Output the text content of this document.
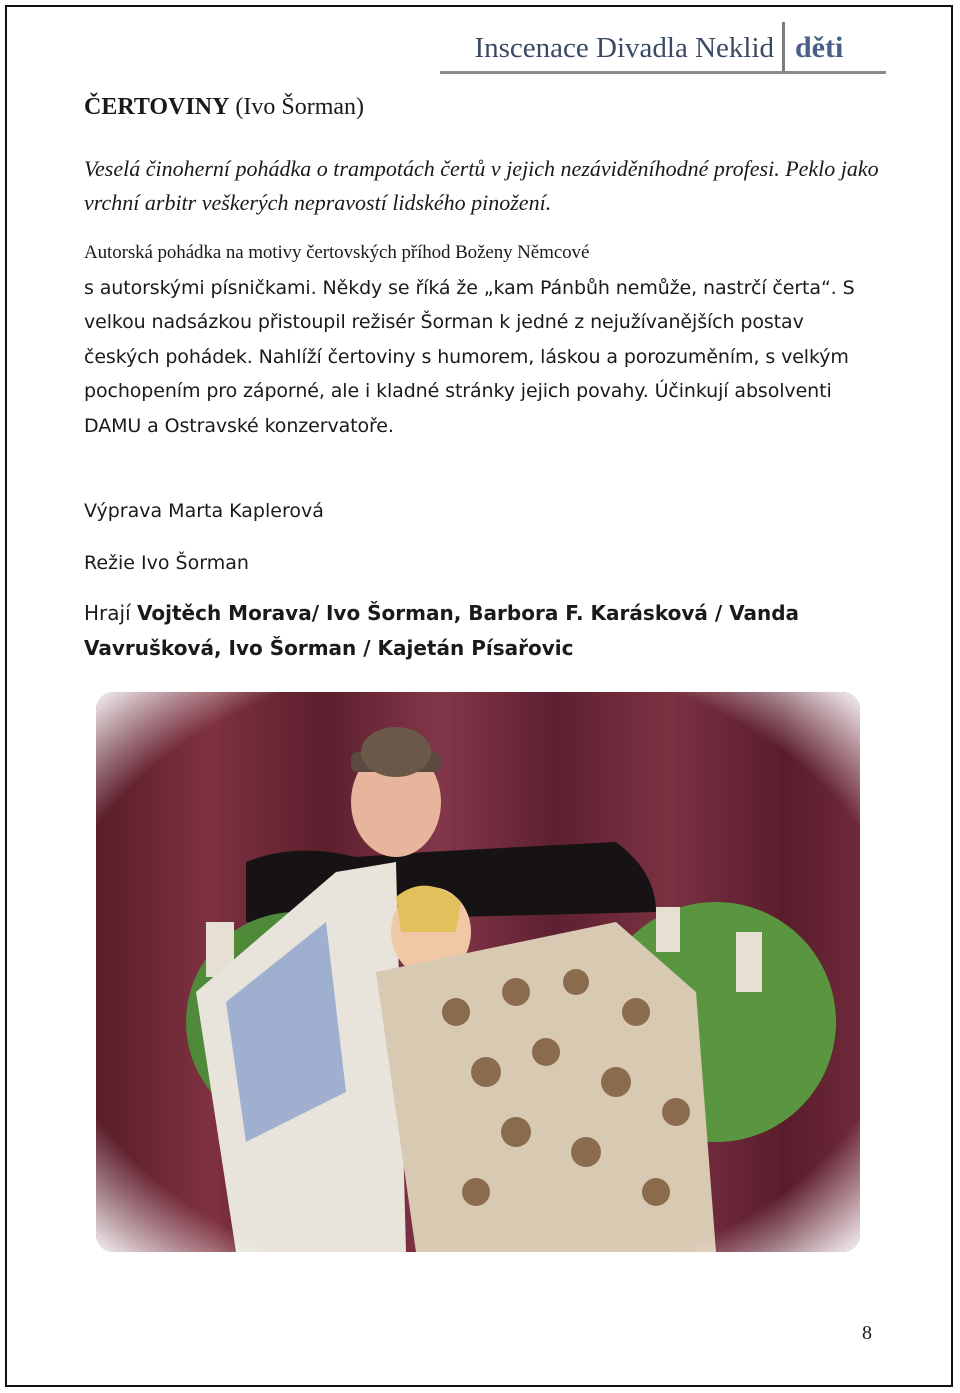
Inscenace Divadla Neklid děti

ČERTOVINY (Ivo Šorman)

Veselá činoherní pohádka o trampotách čertů v jejich nezáviděníhodné profesi. Peklo jako vrchní arbitr veškerých nepravostí lidského pinožení.

Autorská pohádka na motivy čertovských příhod Boženy Němcové

s autorskými písničkami. Někdy se říká že „kam Pánbůh nemůže, nastrčí čerta“. S velkou nadsázkou přistoupil režisér Šorman k jedné z nejužívanějších postav českých pohádek. Nahlíží čertoviny s humorem, láskou a porozuměním, s velkým pochopením pro záporné, ale i kladné stránky jejich povahy. Účinkují absolventi DAMU a Ostravské konzervatoře.

Výprava Marta Kaplerová

Režie Ivo Šorman

Hrají Vojtěch Morava/ Ivo Šorman, Barbora F. Karásková / Vanda Vavrušková, Ivo Šorman / Kajetán Písařovic

8
